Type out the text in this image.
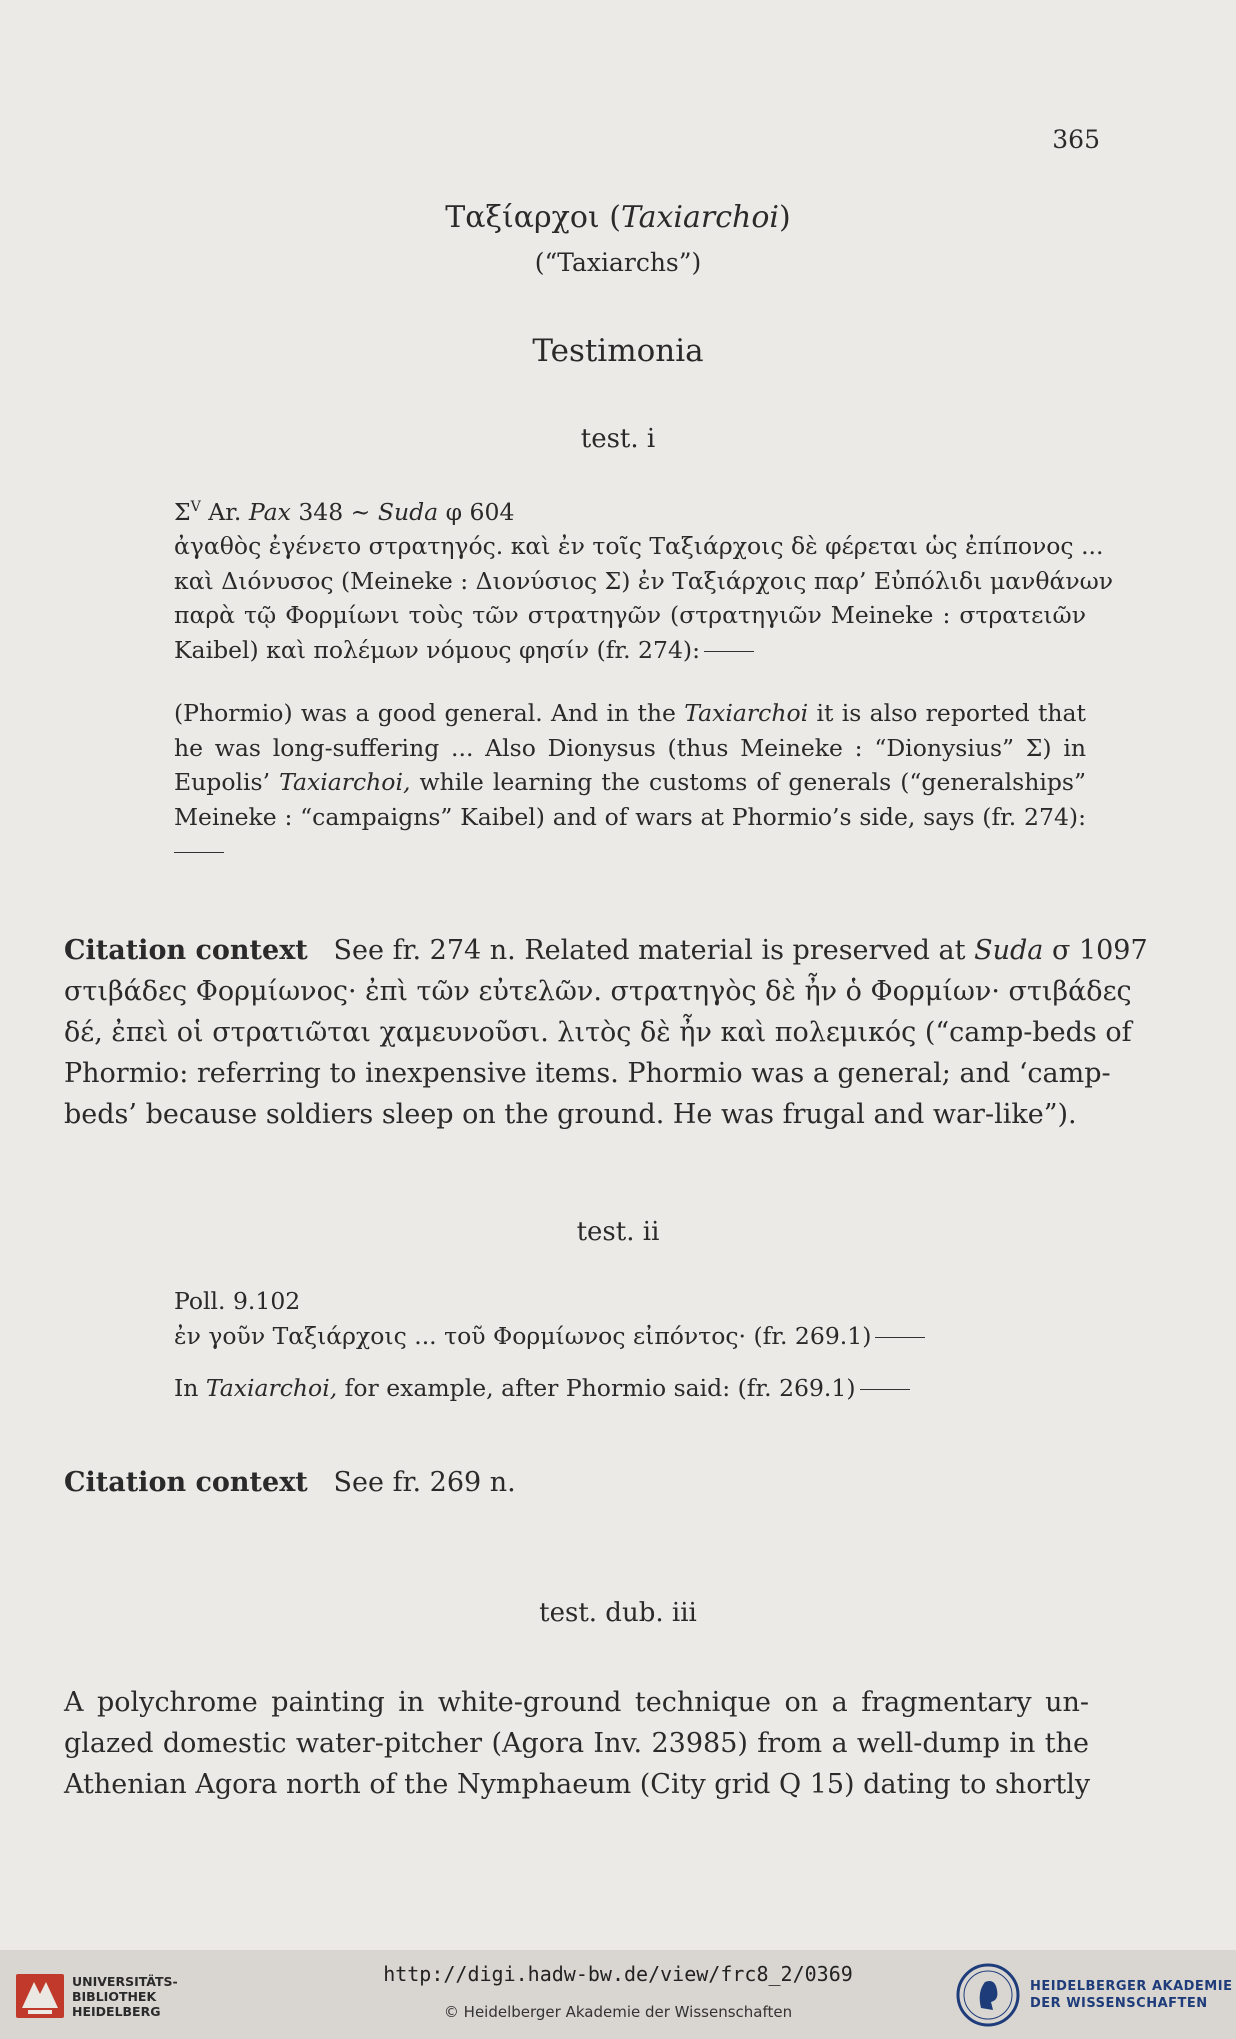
365
Ταξίαρχοι (Taxiarchoi)
(“Taxiarchs”)
Testimonia
test. i
$\Sigma^V$ Ar. Pax 348 ~ Suda φ 604
ἀγαθὸς ἐγένετο στρατηγός. καὶ ἐν τοῖς Ταξιάρχοις δὲ φέρεται ὡς ἐπίπονος ...
καὶ Διόνυσος (Meineke : Διονύσιος Σ) ἐν Ταξιάρχοις παρ’ Εὐπόλιδι μανθάνων
παρὰ τῷ Φορμίωνι τοὺς τῶν στρατηγῶν (στρατηγιῶν Meineke : στρατειῶν
Kaibel) καὶ πολέμων νόμους φησίν (fr. 274):
(Phormio) was a good general. And in the Taxiarchoi it is also reported that
he was long-suffering ... Also Dionysus (thus Meineke : “Dionysius” Σ) in
Eupolis’ Taxiarchoi, while learning the customs of generals (“generalships”
Meineke : “campaigns” Kaibel) and of wars at Phormio’s side, says (fr. 274):
Citation context See fr. 274 n. Related material is preserved at Suda σ 1097
στιβάδες Φορμίωνος· ἐπὶ τῶν εὐτελῶν. στρατηγὸς δὲ ἦν ὁ Φορμίων· στιβάδες
δέ, ἐπεὶ οἱ στρατιῶται χαμευνοῦσι. λιτὸς δὲ ἦν καὶ πολεμικός (“camp-beds of
Phormio: referring to inexpensive items. Phormio was a general; and ‘camp-
beds’ because soldiers sleep on the ground. He was frugal and war-like”).
test. ii
Poll. 9.102
ἐν γοῦν Ταξιάρχοις ... τοῦ Φορμίωνος εἰπόντος· (fr. 269.1)
In Taxiarchoi, for example, after Phormio said: (fr. 269.1)
Citation context See fr. 269 n.
test. dub. iii
A polychrome painting in white-ground technique on a fragmentary un-
glazed domestic water-pitcher (Agora Inv. 23985) from a well-dump in the
Athenian Agora north of the Nymphaeum (City grid Q 15) dating to shortly
UNIVERSITÄTS-
BIBLIOTHEK
HEIDELBERG
http://digi.hadw-bw.de/view/frc8_2/0369
© Heidelberger Akademie der Wissenschaften
HEIDELBERGER AKADEMIE
DER WISSENSCHAFTEN
